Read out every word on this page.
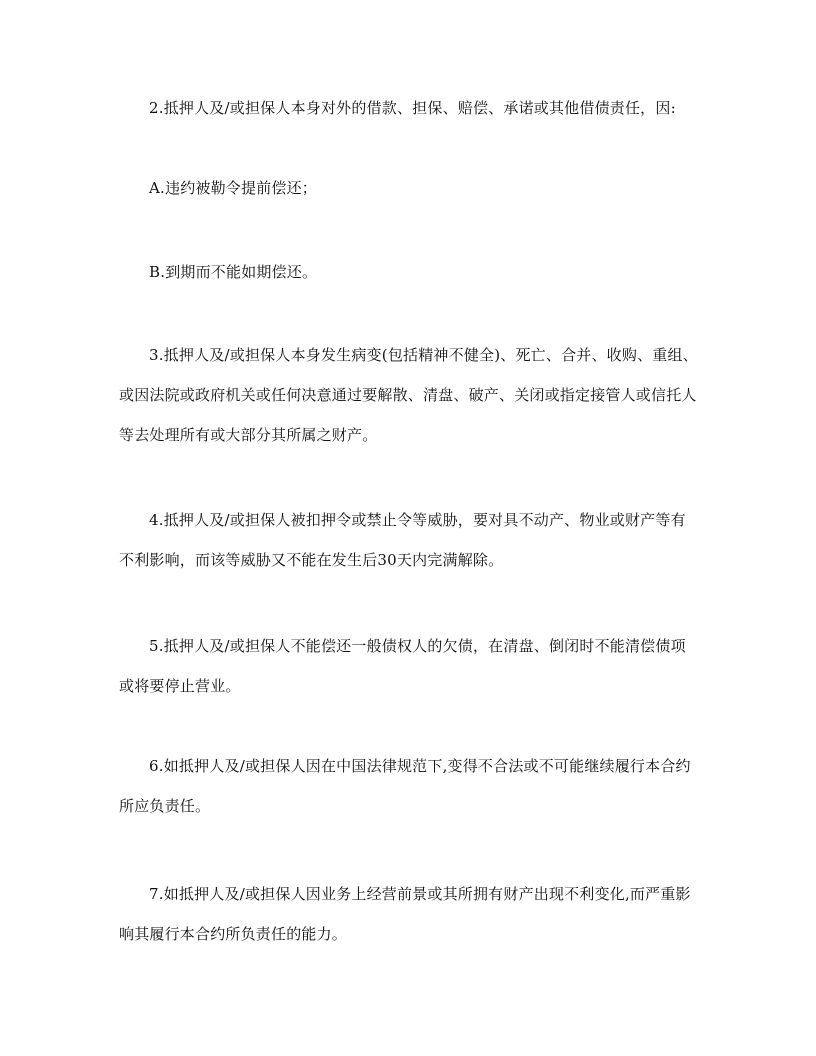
2.抵押人及/或担保人本身对外的借款、担保、赔偿、承诺或其他借债责任，因:

A.违约被勒令提前偿还；

B.到期而不能如期偿还。

3.抵押人及/或担保人本身发生病变(包括精神不健全)、死亡、合并、收购、重组、或因法院或政府机关或任何决意通过要解散、清盘、破产、关闭或指定接管人或信托人等去处理所有或大部分其所属之财产。

4.抵押人及/或担保人被扣押令或禁止令等威胁，要对具不动产、物业或财产等有不利影响，而该等威胁又不能在发生后30天内完满解除。

5.抵押人及/或担保人不能偿还一般债权人的欠债，在清盘、倒闭时不能清偿债项或将要停止营业。

6.如抵押人及/或担保人因在中国法律规范下,变得不合法或不可能继续履行本合约所应负责任。

7.如抵押人及/或担保人因业务上经营前景或其所拥有财产出现不利变化,而严重影响其履行本合约所负责任的能力。
